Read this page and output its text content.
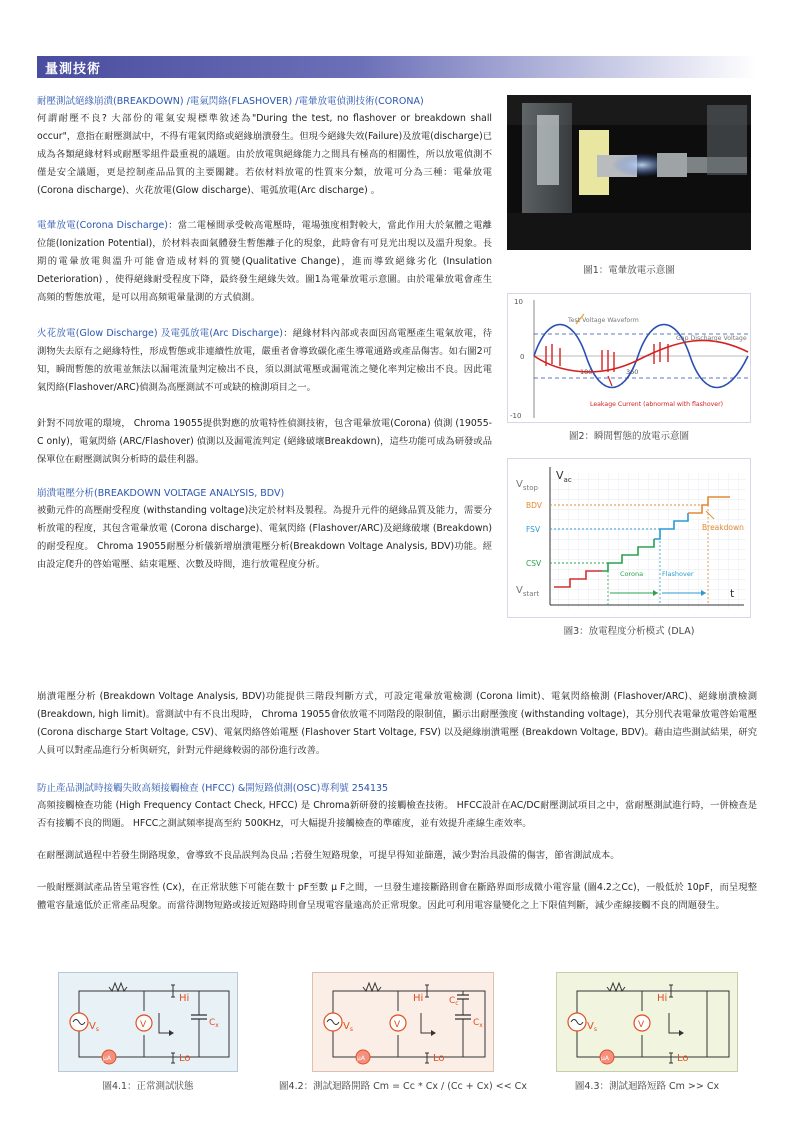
量測技術
耐壓測試絕緣崩潰(BREAKDOWN) /電氣閃絡(FLASHOVER) /電暈放電偵測技術(CORONA)

何謂耐壓不良? 大部份的電氣安規標準敘述為"During the test, no flashover or breakdown shall occur"，意指在耐壓測試中，不得有電氣閃絡或絕緣崩潰發生。但現今絕緣失效(Failure)及放電(discharge)已成為各類絕緣材料或耐壓零組件最重視的議題。由於放電與絕緣能力之間具有極高的相關性，所以放電偵測不僅是安全議題，更是控制產品品質的主要關鍵。若依材料放電的性質來分類，放電可分為三種：電暈放電(Corona discharge)、火花放電(Glow discharge)、電弧放電(Arc discharge) 。

電暈放電(Corona Discharge)：當二電極間承受較高電壓時，電場強度相對較大，當此作用大於氣體之電離位能(Ionization Potential)，於材料表面氣體發生暫態離子化的現象，此時會有可見光出現以及溫升現象。長期的電暈放電與溫升可能會造成材料的質變(Qualitative Change)，進而導致絕緣劣化 (Insulation Deterioration) ，使得絕緣耐受程度下降，最終發生絕緣失效。圖1為電暈放電示意圖。由於電暈放電會產生高頻的暫態放電，是可以用高頻電暈量測的方式偵測。

火花放電(Glow Discharge) 及電弧放電(Arc Discharge)：絕緣材料內部或表面因高電壓產生電氣放電，待測物失去原有之絕緣特性，形成暫態或非連續性放電，嚴重者會導致碳化產生導電通路或產品傷害。如右圖2可知，瞬間暫態的放電並無法以漏電流量判定檢出不良，須以測試電壓或漏電流之變化率判定檢出不良。因此電氣閃絡(Flashover/ARC)偵測為高壓測試不可或缺的檢測項目之一。

針對不同放電的環境， Chroma 19055提供對應的放電特性偵測技術，包含電暈放電(Corona) 偵測 (19055-C only)，電氣閃絡 (ARC/Flashover) 偵測以及漏電流判定 (絕緣破壞Breakdown)，這些功能可成為研發或品保單位在耐壓測試與分析時的最佳利器。

崩潰電壓分析(BREAKDOWN VOLTAGE ANALYSIS, BDV)

被動元件的高壓耐受程度 (withstanding voltage)決定於材料及製程。為提升元件的絕緣品質及能力，需要分析放電的程度，其包含電暈放電 (Corona discharge)、電氣閃絡 (Flashover/ARC)及絕緣破壞 (Breakdown)的耐受程度。 Chroma 19055耐壓分析儀新增崩潰電壓分析(Breakdown Voltage Analysis, BDV)功能。經由設定爬升的啓始電壓、結束電壓、次數及時間，進行放電程度分析。

圖1：電暈放電示意圖
10
0
-10
180	360
Test Voltage Waveform
Gap Discharge Voltage
Leakage Current (abnormal with flashover)
圖2：瞬間暫態的放電示意圖
$V_{ac}$
$V_{stop}$
$V_{start}$	t
BDV
FSV
CSV
Corona	Flashover
Breakdown
圖3：放電程度分析模式 (DLA)

崩潰電壓分析 (Breakdown Voltage Analysis, BDV)功能提供三階段判斷方式，可設定電暈放電檢測 (Corona limit)、電氣閃絡檢測 (Flashover/ARC)、絕緣崩潰檢測 (Breakdown, high limit)。當測試中有不良出現時， Chroma 19055會依放電不同階段的限制值，顯示出耐壓強度 (withstanding voltage)，其分別代表電暈放電啓始電壓 (Corona discharge Start Voltage, CSV)、電氣閃絡啓始電壓 (Flashover Start Voltage, FSV) 以及絕緣崩潰電壓 (Breakdown Voltage, BDV)。藉由這些測試結果，研究人員可以對產品進行分析與研究，針對元件絕緣較弱的部份進行改善。

防止產品測試時接觸失敗高頻接觸檢查 (HFCC) &開短路偵測(OSC)專利號 254135

高頻接觸檢查功能 (High Frequency Contact Check, HFCC) 是 Chroma新研發的接觸檢查技術。 HFCC設計在AC/DC耐壓測試項目之中，當耐壓測試進行時，一併檢查是否有接觸不良的問題。 HFCC之測試頻率提高至約 500KHz，可大幅提升接觸檢查的準確度，並有效提升產線生產效率。

在耐壓測試過程中若發生開路現象，會導致不良品誤判為良品 ;若發生短路現象，可提早得知並篩選，減少對治具設備的傷害，節省測試成本。

一般耐壓測試產品皆呈電容性 (Cx)，在正常狀態下可能在數十 pF至數 μ F之間，一旦發生連接斷路則會在斷路界面形成微小電容量 (圖4.2之Cc)，一般低於 10pF，而呈現整體電容量遠低於正常產品現象。而當待測物短路或接近短路時則會呈現電容量遠高於正常現象。因此可利用電容量變化之上下限值判斷，減少產線接觸不良的問題發生。

$V_s$	V
μA
Hi
Lo
$C_x$
圖4.1：正常測試狀態
$V_s$	V
μA
Hi
Lo
$C_c$
$C_x$
圖4.2：測試迴路開路 Cm = Cc * Cx / (Cc + Cx) << Cx
$V_s$	V
μA
Hi
Lo
圖4.3：測試迴路短路 Cm >> Cx
